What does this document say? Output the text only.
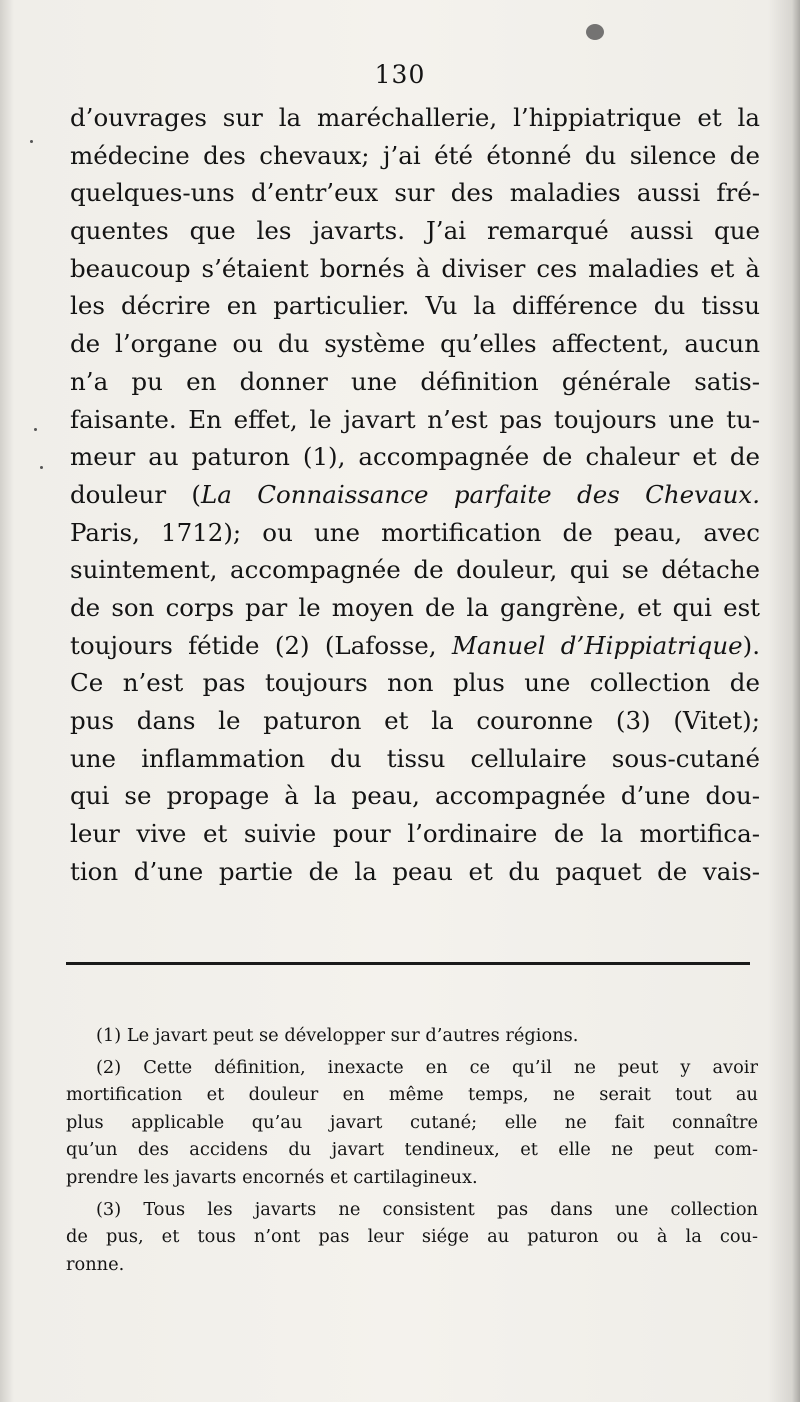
130
d’ouvrages sur la maréchallerie, l’hippiatrique et la
médecine des chevaux; j’ai été étonné du silence de
quelques-uns d’entr’eux sur des maladies aussi fré-
quentes que les javarts. J’ai remarqué aussi que
beaucoup s’étaient bornés à diviser ces maladies et à
les décrire en particulier. Vu la différence du tissu
de l’organe ou du système qu’elles affectent, aucun
n’a pu en donner une définition générale satis-
faisante. En effet, le javart n’est pas toujours une tu-
meur au paturon (1), accompagnée de chaleur et de
douleur (La Connaissance parfaite des Chevaux.
Paris, 1712); ou une mortification de peau, avec
suintement, accompagnée de douleur, qui se détache
de son corps par le moyen de la gangrène, et qui est
toujours fétide (2) (Lafosse, Manuel d’Hippiatrique).
Ce n’est pas toujours non plus une collection de
pus dans le paturon et la couronne (3) (Vitet);
une inflammation du tissu cellulaire sous-cutané
qui se propage à la peau, accompagnée d’une dou-
leur vive et suivie pour l’ordinaire de la mortifica-
tion d’une partie de la peau et du paquet de vais-
(1) Le javart peut se développer sur d’autres régions.
(2) Cette définition, inexacte en ce qu’il ne peut y avoir
mortification et douleur en même temps, ne serait tout au
plus applicable qu’au javart cutané; elle ne fait connaître
qu’un des accidens du javart tendineux, et elle ne peut com-
prendre les javarts encornés et cartilagineux.
(3) Tous les javarts ne consistent pas dans une collection
de pus, et tous n’ont pas leur siége au paturon ou à la cou-
ronne.
